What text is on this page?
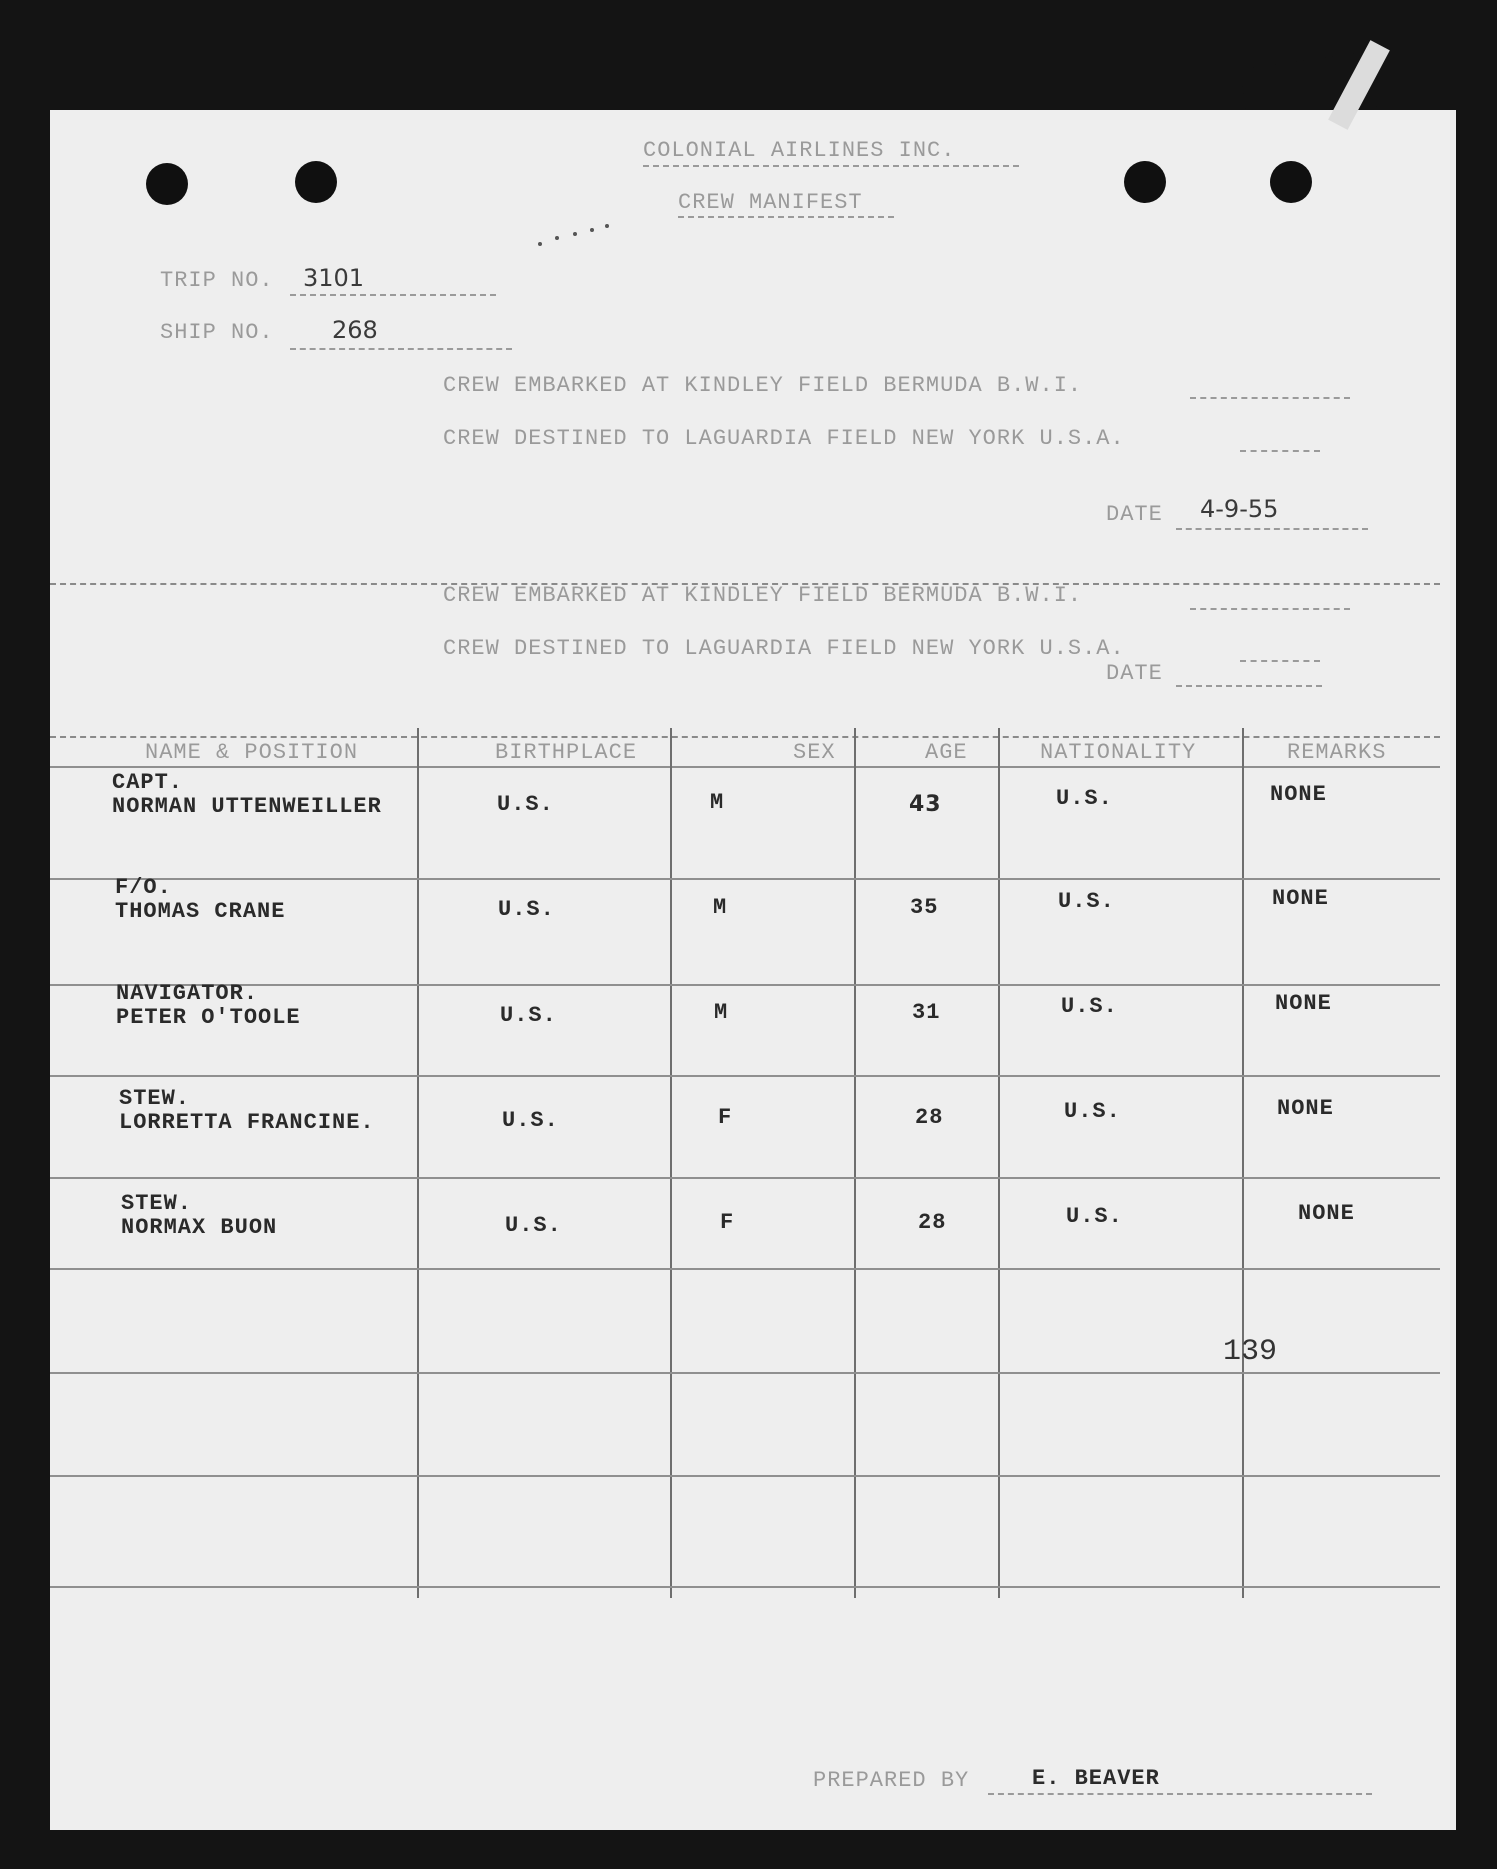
COLONIAL AIRLINES INC.
CREW MANIFEST
TRIP NO. 3101
SHIP NO. 268
CREW EMBARKED AT KINDLEY FIELD BERMUDA B.W.I.
CREW DESTINED TO LAGUARDIA FIELD NEW YORK U.S.A.
DATE 4-9-55
CREW EMBARKED AT KINDLEY FIELD BERMUDA B.W.I.
CREW DESTINED TO LAGUARDIA FIELD NEW YORK U.S.A.
DATE
NAME & POSITION	BIRTHPLACE	SEX	AGE	NATIONALITY	REMARKS
CAPT.
NORMAN UTTENWEILLER	U.S.	M	43	U.S.	NONE
F/O.
THOMAS CRANE	U.S.	M	35	U.S.	NONE
NAVIGATOR.
PETER O'TOOLE	U.S.	M	31	U.S.	NONE
STEW.
LORRETTA FRANCINE.	U.S.	F	28	U.S.	NONE
STEW.
NORMAX BUON	U.S.	F	28	U.S.	NONE
139
PREPARED BY	E. BEAVER
